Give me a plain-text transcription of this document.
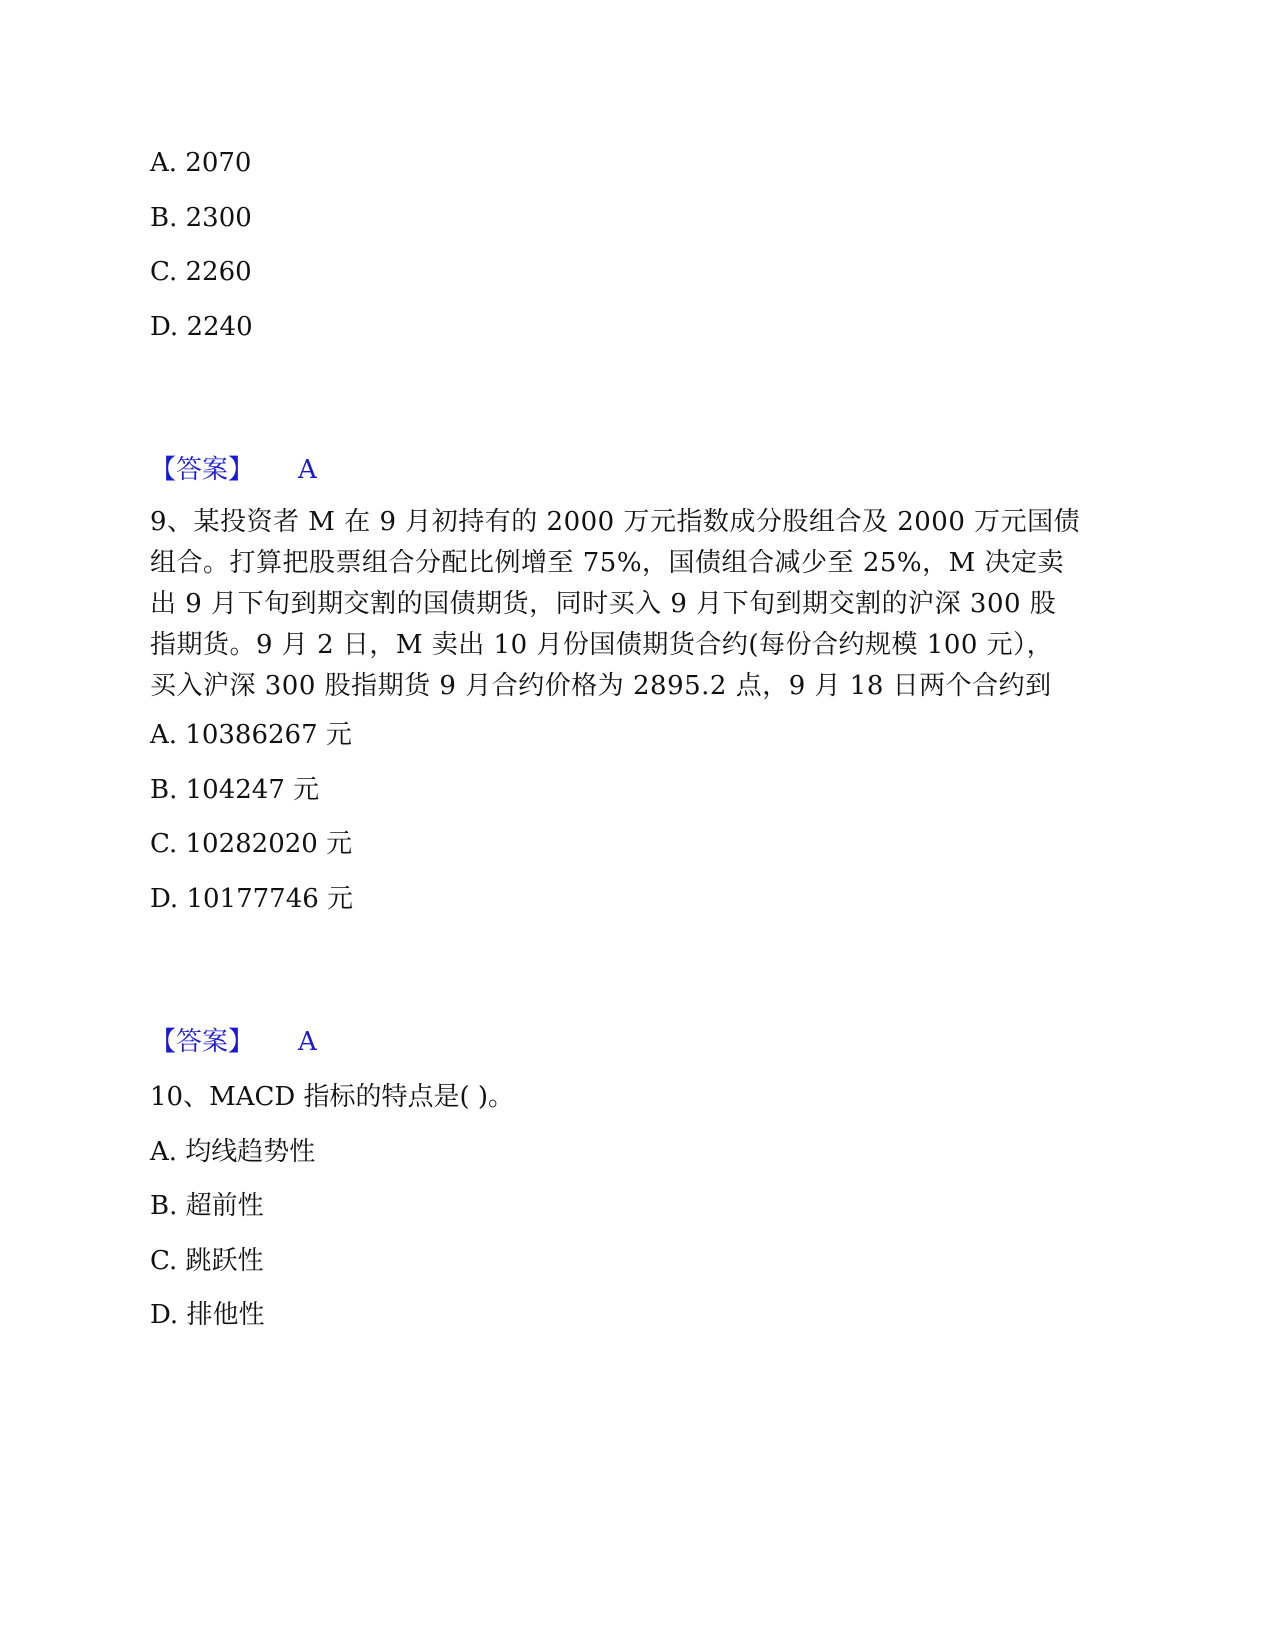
A. 2070
B. 2300
C. 2260
D. 2240
【答案】 A

9、某投资者 M 在 9 月初持有的 2000 万元指数成分股组合及 2000 万元国债

组合。打算把股票组合分配比例增至 75%，国债组合减少至 25%，M 决定卖

出 9 月下旬到期交割的国债期货，同时买入 9 月下旬到期交割的沪深 300 股

指期货。9 月 2 日，M 卖出 10 月份国债期货合约(每份合约规模 100 元），

买入沪深 300 股指期货 9 月合约价格为 2895.2 点，9 月 18 日两个合约到

A. 10386267 元
B. 104247 元
C. 10282020 元
D. 10177746 元
【答案】 A
10、MACD 指标的特点是( )。
A. 均线趋势性
B. 超前性
C. 跳跃性
D. 排他性
